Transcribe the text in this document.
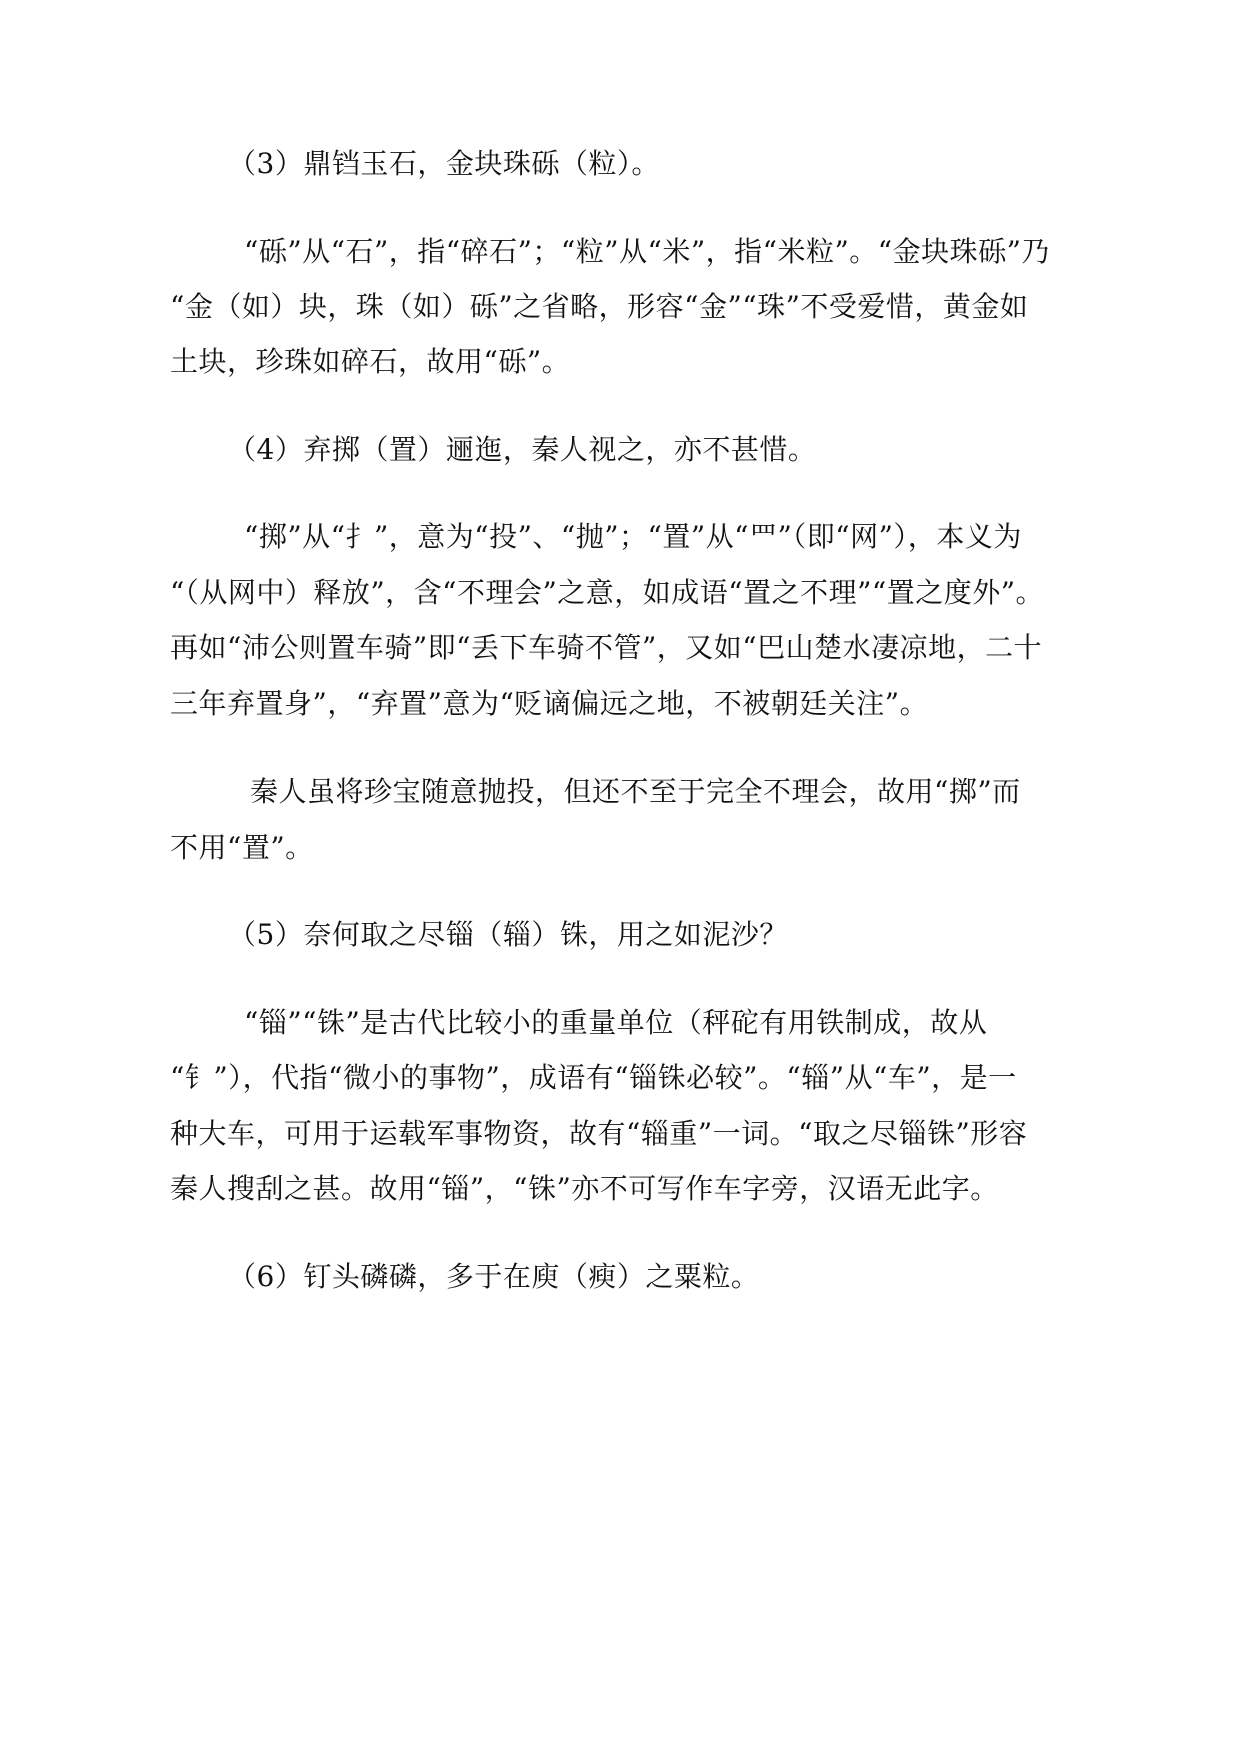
（3）鼎铛玉石，金块珠砾（粒）。
“砾”从“石”，指“碎石”；“粒”从“米”，指“米粒”。“金块珠砾”乃
“金（如）块，珠（如）砾”之省略，形容“金”“珠”不受爱惜，黄金如
土块，珍珠如碎石，故用“砾”。
（4）弃掷（置）逦迤，秦人视之，亦不甚惜。
“掷”从“扌”，意为“投”、“抛”；“置”从“罒”（即“网”），本义为
“（从网中）释放”，含“不理会”之意，如成语“置之不理”“置之度外”。
再如“沛公则置车骑”即“丢下车骑不管”，又如“巴山楚水凄凉地，二十
三年弃置身”，“弃置”意为“贬谪偏远之地，不被朝廷关注”。
秦人虽将珍宝随意抛投，但还不至于完全不理会，故用“掷”而
不用“置”。
（5）奈何取之尽锱（辎）铢，用之如泥沙？
“锱”“铢”是古代比较小的重量单位（秤砣有用铁制成，故从
“钅”），代指“微小的事物”，成语有“锱铢必较”。“辎”从“车”，是一
种大车，可用于运载军事物资，故有“辎重”一词。“取之尽锱铢”形容
秦人搜刮之甚。故用“锱”，“铢”亦不可写作车字旁，汉语无此字。
（6）钉头磷磷，多于在庾（瘐）之粟粒。
